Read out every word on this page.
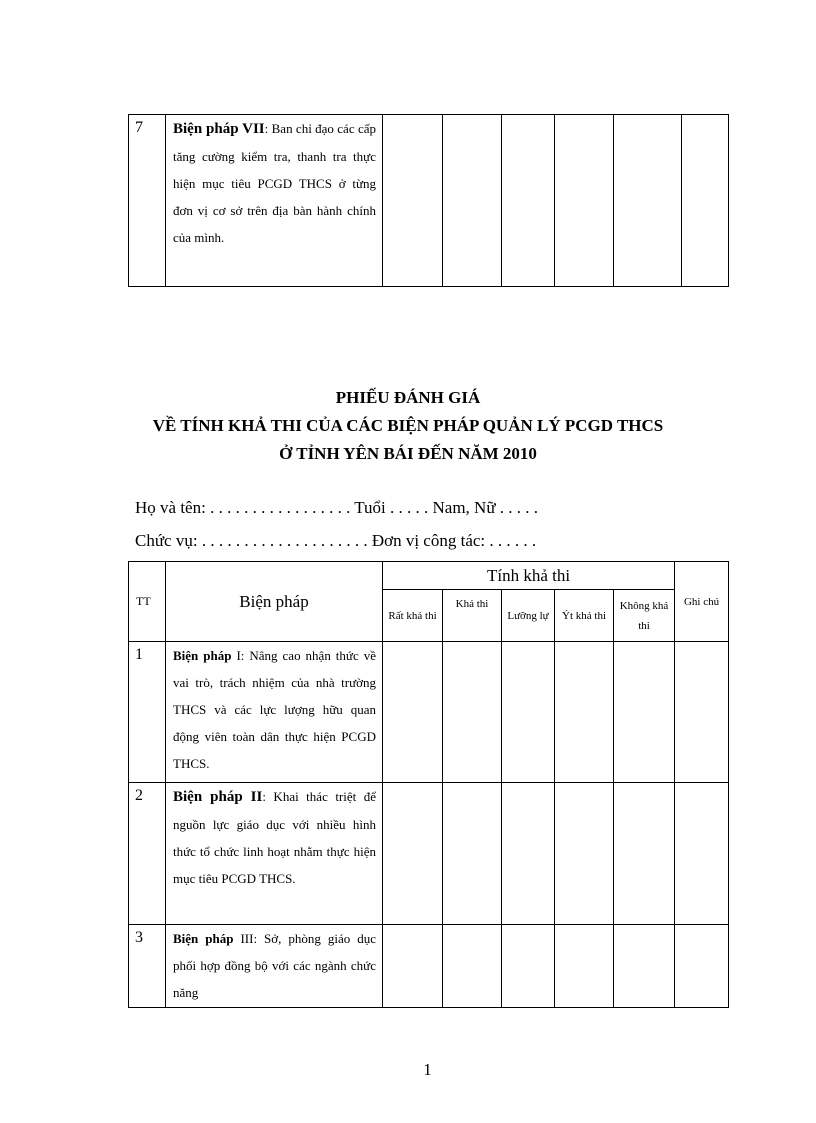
7	Biện pháp VII: Ban chỉ đạo các cấp tăng cường kiểm tra, thanh tra thực hiện mục tiêu PCGD THCS ở từng đơn vị cơ sở trên địa bàn hành chính của mình.						
PHIẾU ĐÁNH GIÁ
VỀ TÍNH KHẢ THI CỦA CÁC BIỆN PHÁP QUẢN LÝ PCGD THCS
Ở TỈNH YÊN BÁI ĐẾN NĂM 2010
Họ và tên: . . . . . . . . . . . . . . . . . Tuổi . . . . . Nam, Nữ . . . . .
Chức vụ: . . . . . . . . . . . . . . . . . . . . Đơn vị công tác: . . . . . .
TT	Biện pháp	Tính khả thi					Ghi chú
		Rất khả thi	Khả thi	Lưỡng lự	Ýt khả thi	Không khả thi	
1	Biện pháp I: Nâng cao nhận thức về vai trò, trách nhiệm của nhà trường THCS và các lực lượng hữu quan động viên toàn dân thực hiện PCGD THCS.						
2	Biện pháp II: Khai thác triệt để nguồn lực giáo dục với nhiều hình thức tổ chức linh hoạt nhằm thực hiện mục tiêu PCGD THCS.						
3	Biện pháp III: Sở, phòng giáo dục phối hợp đồng bộ với các ngành chức năng						
1
